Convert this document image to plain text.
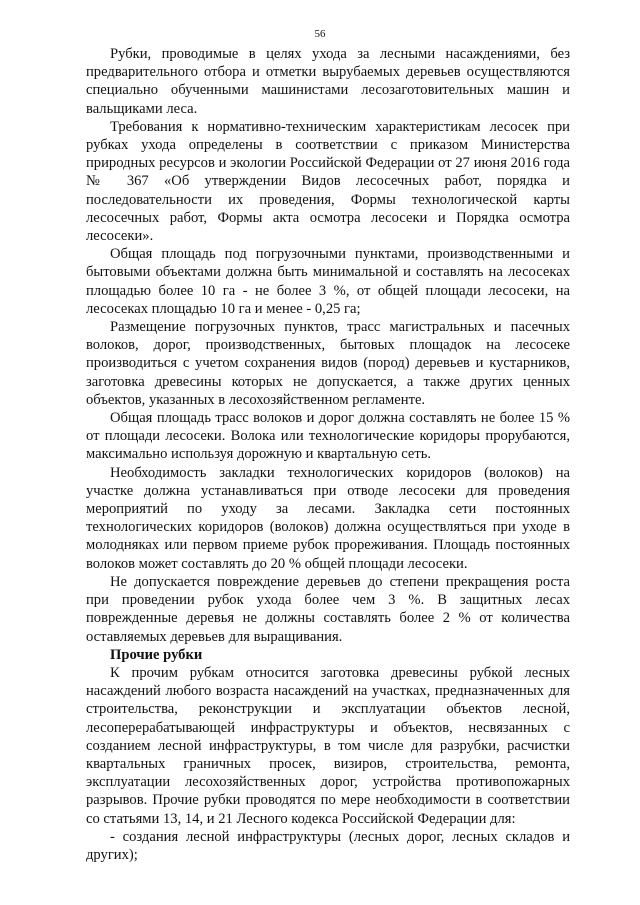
56

Рубки, проводимые в целях ухода за лесными насаждениями, без предварительного отбора и отметки вырубаемых деревьев осуществляются специально обученными машинистами лесозаготовительных машин и вальщиками леса.

Требования к нормативно-техническим характеристикам лесосек при рубках ухода определены в соответствии с приказом Министерства природных ресурсов и экологии Российской Федерации от 27 июня 2016 года № 367 «Об утверждении Видов лесосечных работ, порядка и последовательности их проведения, Формы технологической карты лесосечных работ, Формы акта осмотра лесосеки и Порядка осмотра лесосеки».

Общая площадь под погрузочными пунктами, производственными и бытовыми объектами должна быть минимальной и составлять на лесосеках площадью более 10 га - не более 3 %, от общей площади лесосеки, на лесосеках площадью 10 га и менее - 0,25 га;

Размещение погрузочных пунктов, трасс магистральных и пасечных волоков, дорог, производственных, бытовых площадок на лесосеке производиться с учетом сохранения видов (пород) деревьев и кустарников, заготовка древесины которых не допускается, а также других ценных объектов, указанных в лесохозяйственном регламенте.

Общая площадь трасс волоков и дорог должна составлять не более 15 % от площади лесосеки. Волока или технологические коридоры прорубаются, максимально используя дорожную и квартальную сеть.

Необходимость закладки технологических коридоров (волоков) на участке должна устанавливаться при отводе лесосеки для проведения мероприятий по уходу за лесами. Закладка сети постоянных технологических коридоров (волоков) должна осуществляться при уходе в молодняках или первом приеме рубок прореживания. Площадь постоянных волоков может составлять до 20 % общей площади лесосеки.

Не допускается повреждение деревьев до степени прекращения роста при проведении рубок ухода более чем 3 %. В защитных лесах поврежденные деревья не должны составлять более 2 % от количества оставляемых деревьев для выращивания.

Прочие рубки

К прочим рубкам относится заготовка древесины рубкой лесных насаждений любого возраста насаждений на участках, предназначенных для строительства, реконструкции и эксплуатации объектов лесной, лесоперерабатывающей инфраструктуры и объектов, несвязанных с созданием лесной инфраструктуры, в том числе для разрубки, расчистки квартальных граничных просек, визиров, строительства, ремонта, эксплуатации лесохозяйственных дорог, устройства противопожарных разрывов. Прочие рубки проводятся по мере необходимости в соответствии со статьями 13, 14, и 21 Лесного кодекса Российской Федерации для:

- создания лесной инфраструктуры (лесных дорог, лесных складов и других);
